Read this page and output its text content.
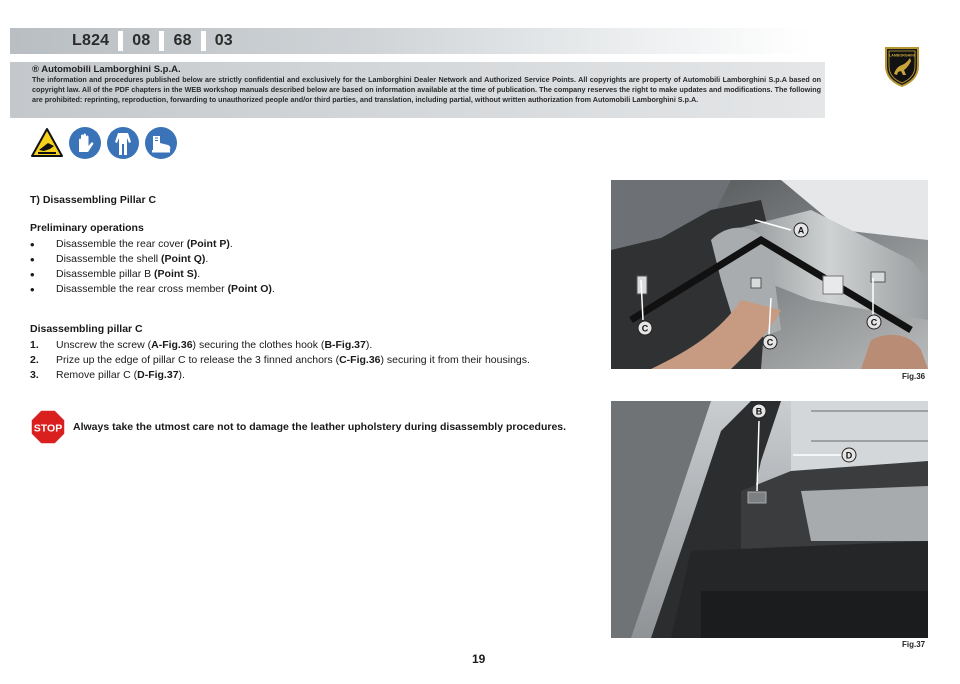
L824 08 68 03
LAMBORGHINI
® Automobili Lamborghini S.p.A.
The information and procedures published below are strictly confidential and exclusively for the Lamborghini Dealer Network and Authorized Service Points. All copyrights are property of Automobili Lamborghini S.p.A based on copyright law. All of the PDF chapters in the WEB workshop manuals described below are based on information available at the time of publication. The company reserves the right to make updates and modifications. The following are prohibited: reprinting, reproduction, forwarding to unauthorized people and/or third parties, and translation, including partial, without written authorization from Automobili Lamborghini S.p.A.
T) Disassembling Pillar C
Preliminary operations
•	Disassemble the rear cover (Point P).
•	Disassemble the shell (Point Q).
•	Disassemble pillar B (Point S).
•	Disassemble the rear cross member (Point O).
Disassembling pillar C
1.	Unscrew the screw (A-Fig.36) securing the clothes hook (B-Fig.37).
2.	Prize up the edge of pillar C to release the 3 finned anchors (C-Fig.36) securing it from their housings.
3.	Remove pillar C (D-Fig.37).
STOP Always take the utmost care not to damage the leather upholstery during disassembly procedures.
A
C
C
C
Fig.36
B
D
Fig.37
19
